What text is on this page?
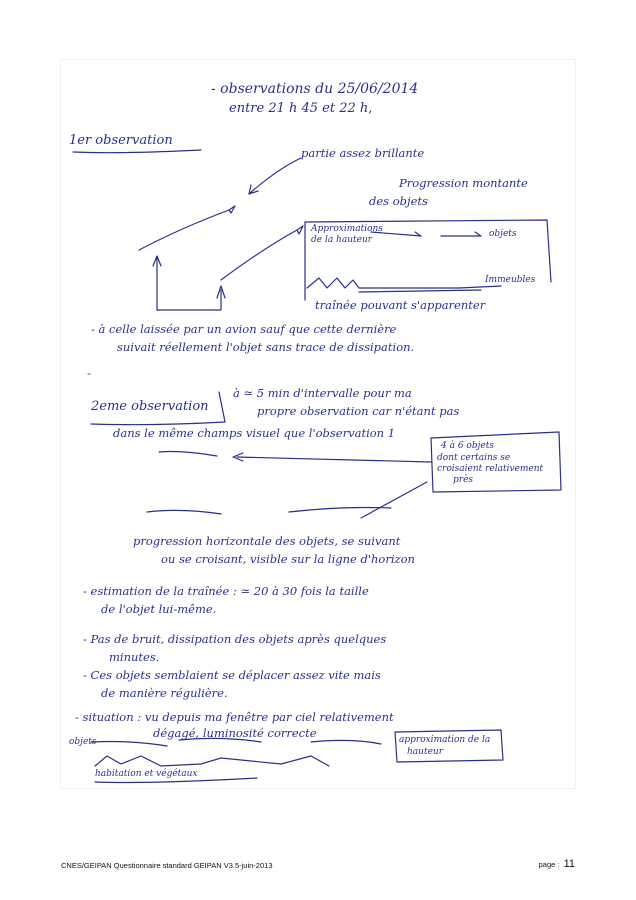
- observations du 25/06/2014

entre 21 h 45 et 22 h,

1er observation

partie assez brillante

Progression montante

des objets

Approximations

de la hauteur

objets

Immeubles

traînée pouvant s'apparenter

- à celle laissée par un avion sauf que cette dernière

suivait réellement l'objet sans trace de dissipation.

-

2eme observation

à ≃ 5 min d'intervalle pour ma

propre observation car n'étant pas

dans le même champs visuel que l'observation 1

4 à 6 objets

dont certains se

croisaient relativement

près

progression horizontale des objets, se suivant

ou se croisant, visible sur la ligne d'horizon

- estimation de la traînée : ≃ 20 à 30 fois la taille

de l'objet lui-même.

- Pas de bruit, dissipation des objets après quelques

minutes.

- Ces objets semblaient se déplacer assez vite mais

de manière régulière.

- situation : vu depuis ma fenêtre par ciel relativement

dégagé, luminosité correcte

objets	approximation de la

hauteur

habitation et végétaux

CNES/GEIPAN Questionnaire standard GEIPAN V3.5-juin-2013	page : 11
